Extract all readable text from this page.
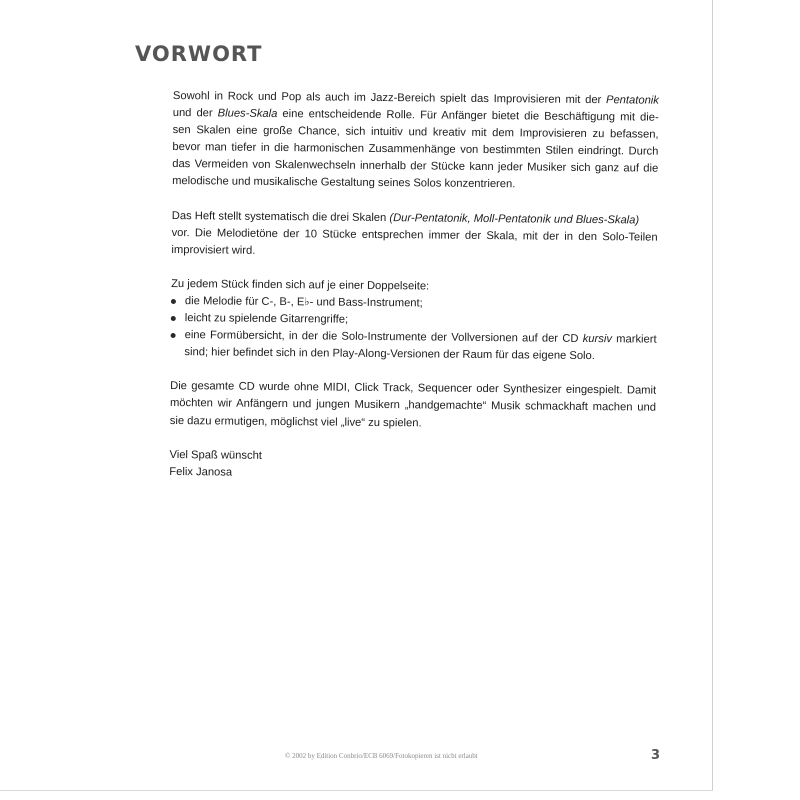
VORWORT

Sowohl in Rock und Pop als auch im Jazz-Bereich spielt das Improvisieren mit der Pentatonik
und der Blues-Skala eine entscheidende Rolle. Für Anfänger bietet die Beschäftigung mit die-
sen Skalen eine große Chance, sich intuitiv und kreativ mit dem Improvisieren zu befassen,
bevor man tiefer in die harmonischen Zusammenhänge von bestimmten Stilen eindringt. Durch
das Vermeiden von Skalenwechseln innerhalb der Stücke kann jeder Musiker sich ganz auf die
melodische und musikalische Gestaltung seines Solos konzentrieren.

Das Heft stellt systematisch die drei Skalen (Dur-Pentatonik, Moll-Pentatonik und Blues-Skala)
vor. Die Melodietöne der 10 Stücke entsprechen immer der Skala, mit der in den Solo-Teilen
improvisiert wird.

Zu jedem Stück finden sich auf je einer Doppelseite:

die Melodie für C-, B-, E♭- und Bass-Instrument;
leicht zu spielende Gitarrengriffe;
eine Formübersicht, in der die Solo-Instrumente der Vollversionen auf der CD kursiv markiert
sind; hier befindet sich in den Play-Along-Versionen der Raum für das eigene Solo.

Die gesamte CD wurde ohne MIDI, Click Track, Sequencer oder Synthesizer eingespielt. Damit
möchten wir Anfängern und jungen Musikern „handgemachte“ Musik schmackhaft machen und
sie dazu ermutigen, möglichst viel „live“ zu spielen.

Viel Spaß wünscht
Felix Janosa

© 2002 by Edition Conbrio/ECB 6069/Fotokopieren ist nicht erlaubt	3
